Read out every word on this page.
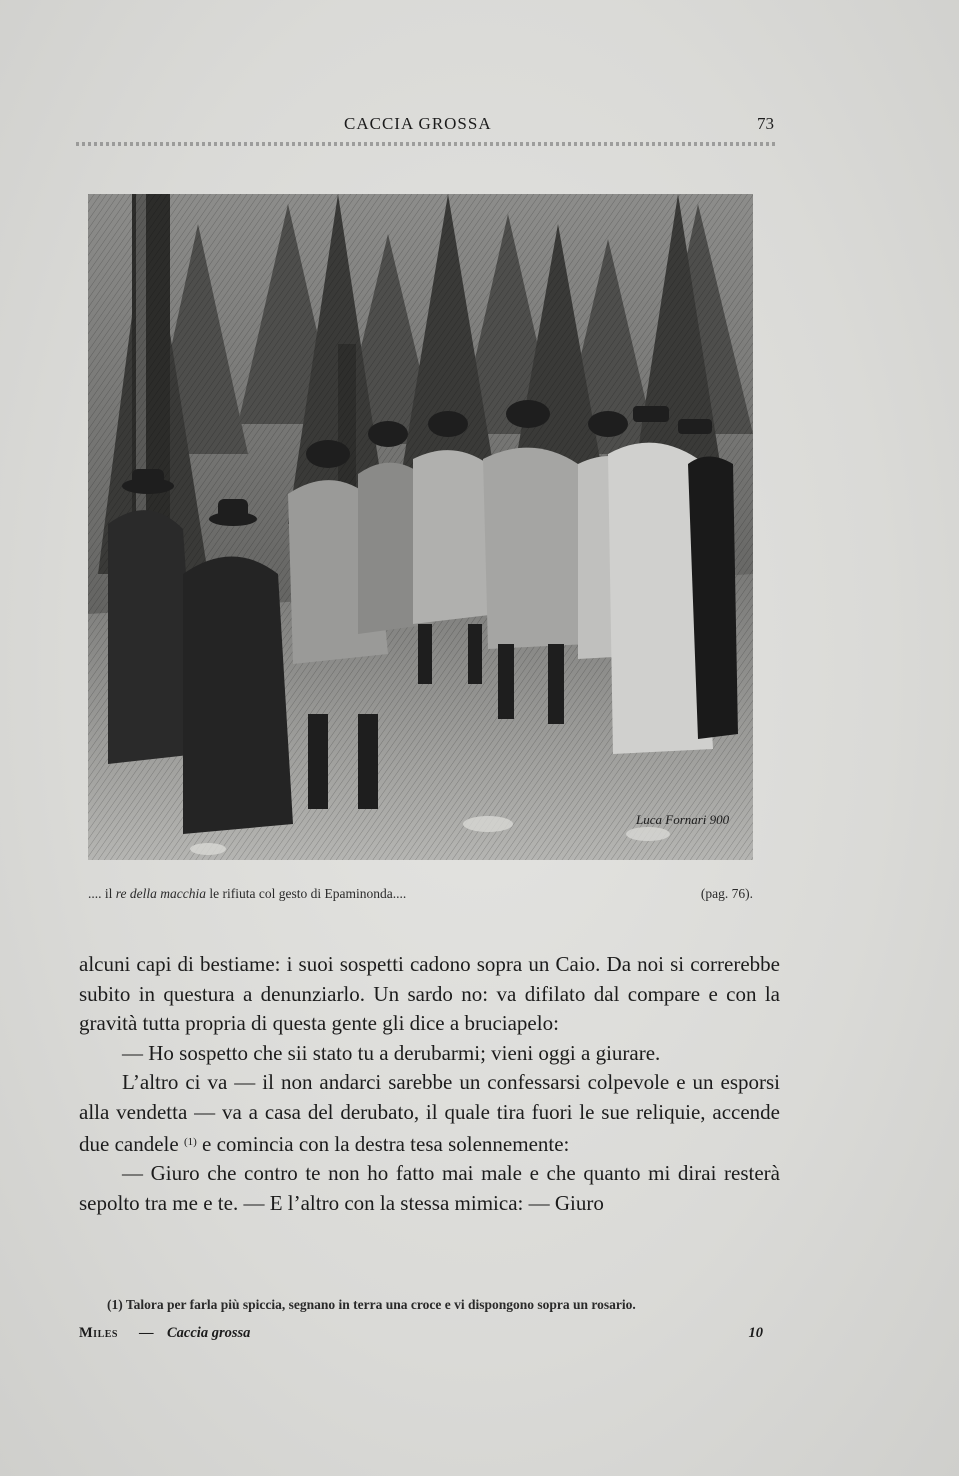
CACCIA GROSSA	73
Luca Fornari 900
.... il re della macchia le rifiuta col gesto di Epaminonda....	(pag. 76).

alcuni capi di bestiame: i suoi sospetti cadono sopra un Caio. Da noi si correrebbe subito in questura a denunziarlo. Un sardo no: va difilato dal compare e con la gravità tutta propria di questa gente gli dice a bruciapelo:

— Ho sospetto che sii stato tu a derubarmi; vieni oggi a giurare.

L’altro ci va — il non andarci sarebbe un confessarsi colpevole e un esporsi alla vendetta — va a casa del derubato, il quale tira fuori le sue reliquie, accende due candele $^{(1)}$ e comincia con la destra tesa solennemente:

— Giuro che contro te non ho fatto mai male e che quanto mi dirai resterà sepolto tra me e te. — E l’altro con la stessa mimica: — Giuro

(1) Talora per farla più spiccia, segnano in terra una croce e vi dispongono sopra un rosario.
Miles — Caccia grossa	10
